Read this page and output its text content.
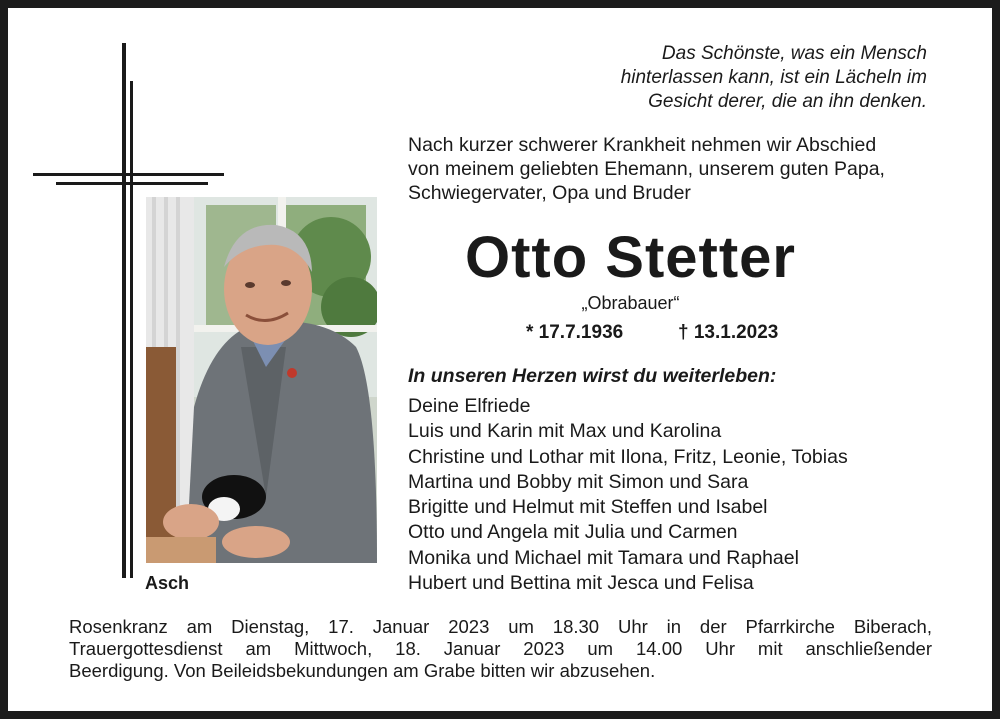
Asch

Das Schönste, was ein Mensch
hinterlassen kann, ist ein Lächeln im
Gesicht derer, die an ihn denken.

Nach kurzer schwerer Krankheit nehmen wir Abschied
von meinem geliebten Ehemann, unserem guten Papa,
Schwiegervater, Opa und Bruder

Otto Stetter
„Obrabauer“
* 17.7.1936	† 13.1.2023
In unseren Herzen wirst du weiterleben:
Deine Elfriede
Luis und Karin mit Max und Karolina
Christine und Lothar mit Ilona, Fritz, Leonie, Tobias
Martina und Bobby mit Simon und Sara
Brigitte und Helmut mit Steffen und Isabel
Otto und Angela mit Julia und Carmen
Monika und Michael mit Tamara und Raphael
Hubert und Bettina mit Jesca und Felisa

Rosenkranz am Dienstag, 17. Januar 2023 um 18.30 Uhr in der Pfarrkirche Biberach,
Trauergottesdienst am Mittwoch, 18. Januar 2023 um 14.00 Uhr mit anschließender
Beerdigung. Von Beileidsbekundungen am Grabe bitten wir abzusehen.
